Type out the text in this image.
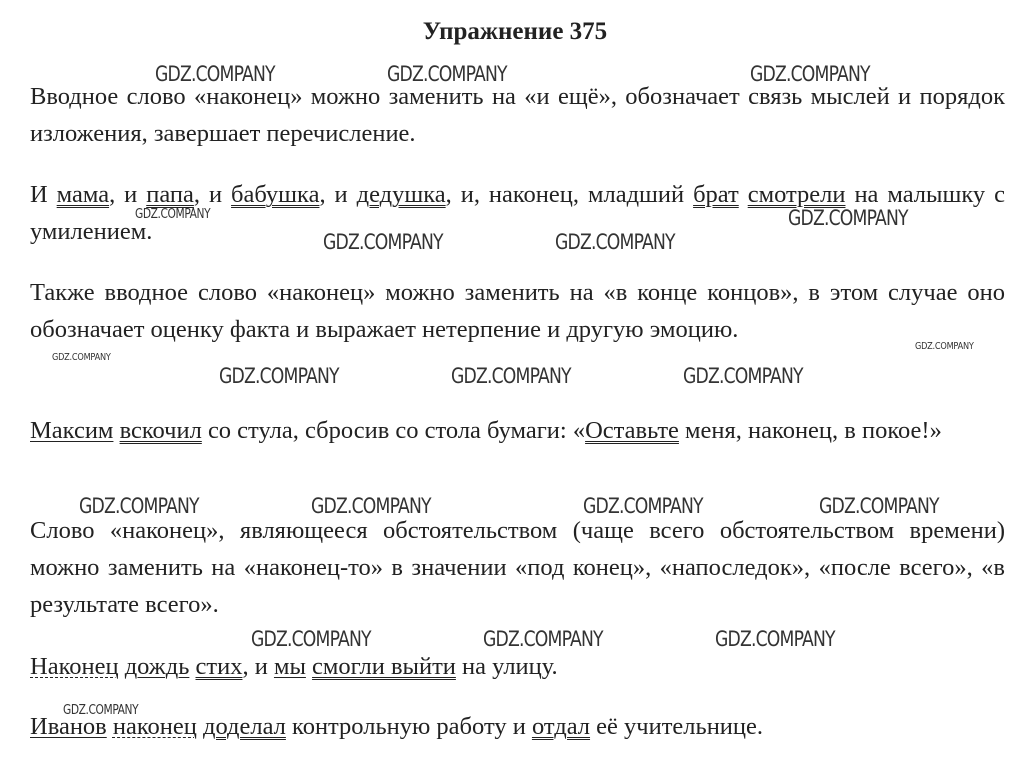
Упражнение 375

Вводное слово «наконец» можно заменить на «и ещё», обозначает связь мыслей и порядок изложения, завершает перечисление.

И мама, и папа, и бабушка, и дедушка, и, наконец, младший брат смотрели на малышку с умилением.

Также вводное слово «наконец» можно заменить на «в конце концов», в этом случае оно обозначает оценку факта и выражает нетерпение и другую эмоцию.

Максим вскочил со стула, сбросив со стола бумаги: «Оставьте меня, наконец, в покое!»

Слово «наконец», являющееся обстоятельством (чаще всего обстоятельством времени) можно заменить на «наконец-то» в значении «под конец», «напоследок», «после всего», «в результате всего».

Наконец дождь стих, и мы смогли выйти на улицу.

Иванов наконец доделал контрольную работу и отдал её учительнице.

GDZ.COMPANY	GDZ.COMPANY	GDZ.COMPANY
GDZ.COMPANY	GDZ.COMPANY
GDZ.COMPANY	GDZ.COMPANY
GDZ.COMPANY
GDZ.COMPANY
GDZ.COMPANY	GDZ.COMPANY	GDZ.COMPANY
GDZ.COMPANY	GDZ.COMPANY	GDZ.COMPANY	GDZ.COMPANY
GDZ.COMPANY	GDZ.COMPANY	GDZ.COMPANY
GDZ.COMPANY
